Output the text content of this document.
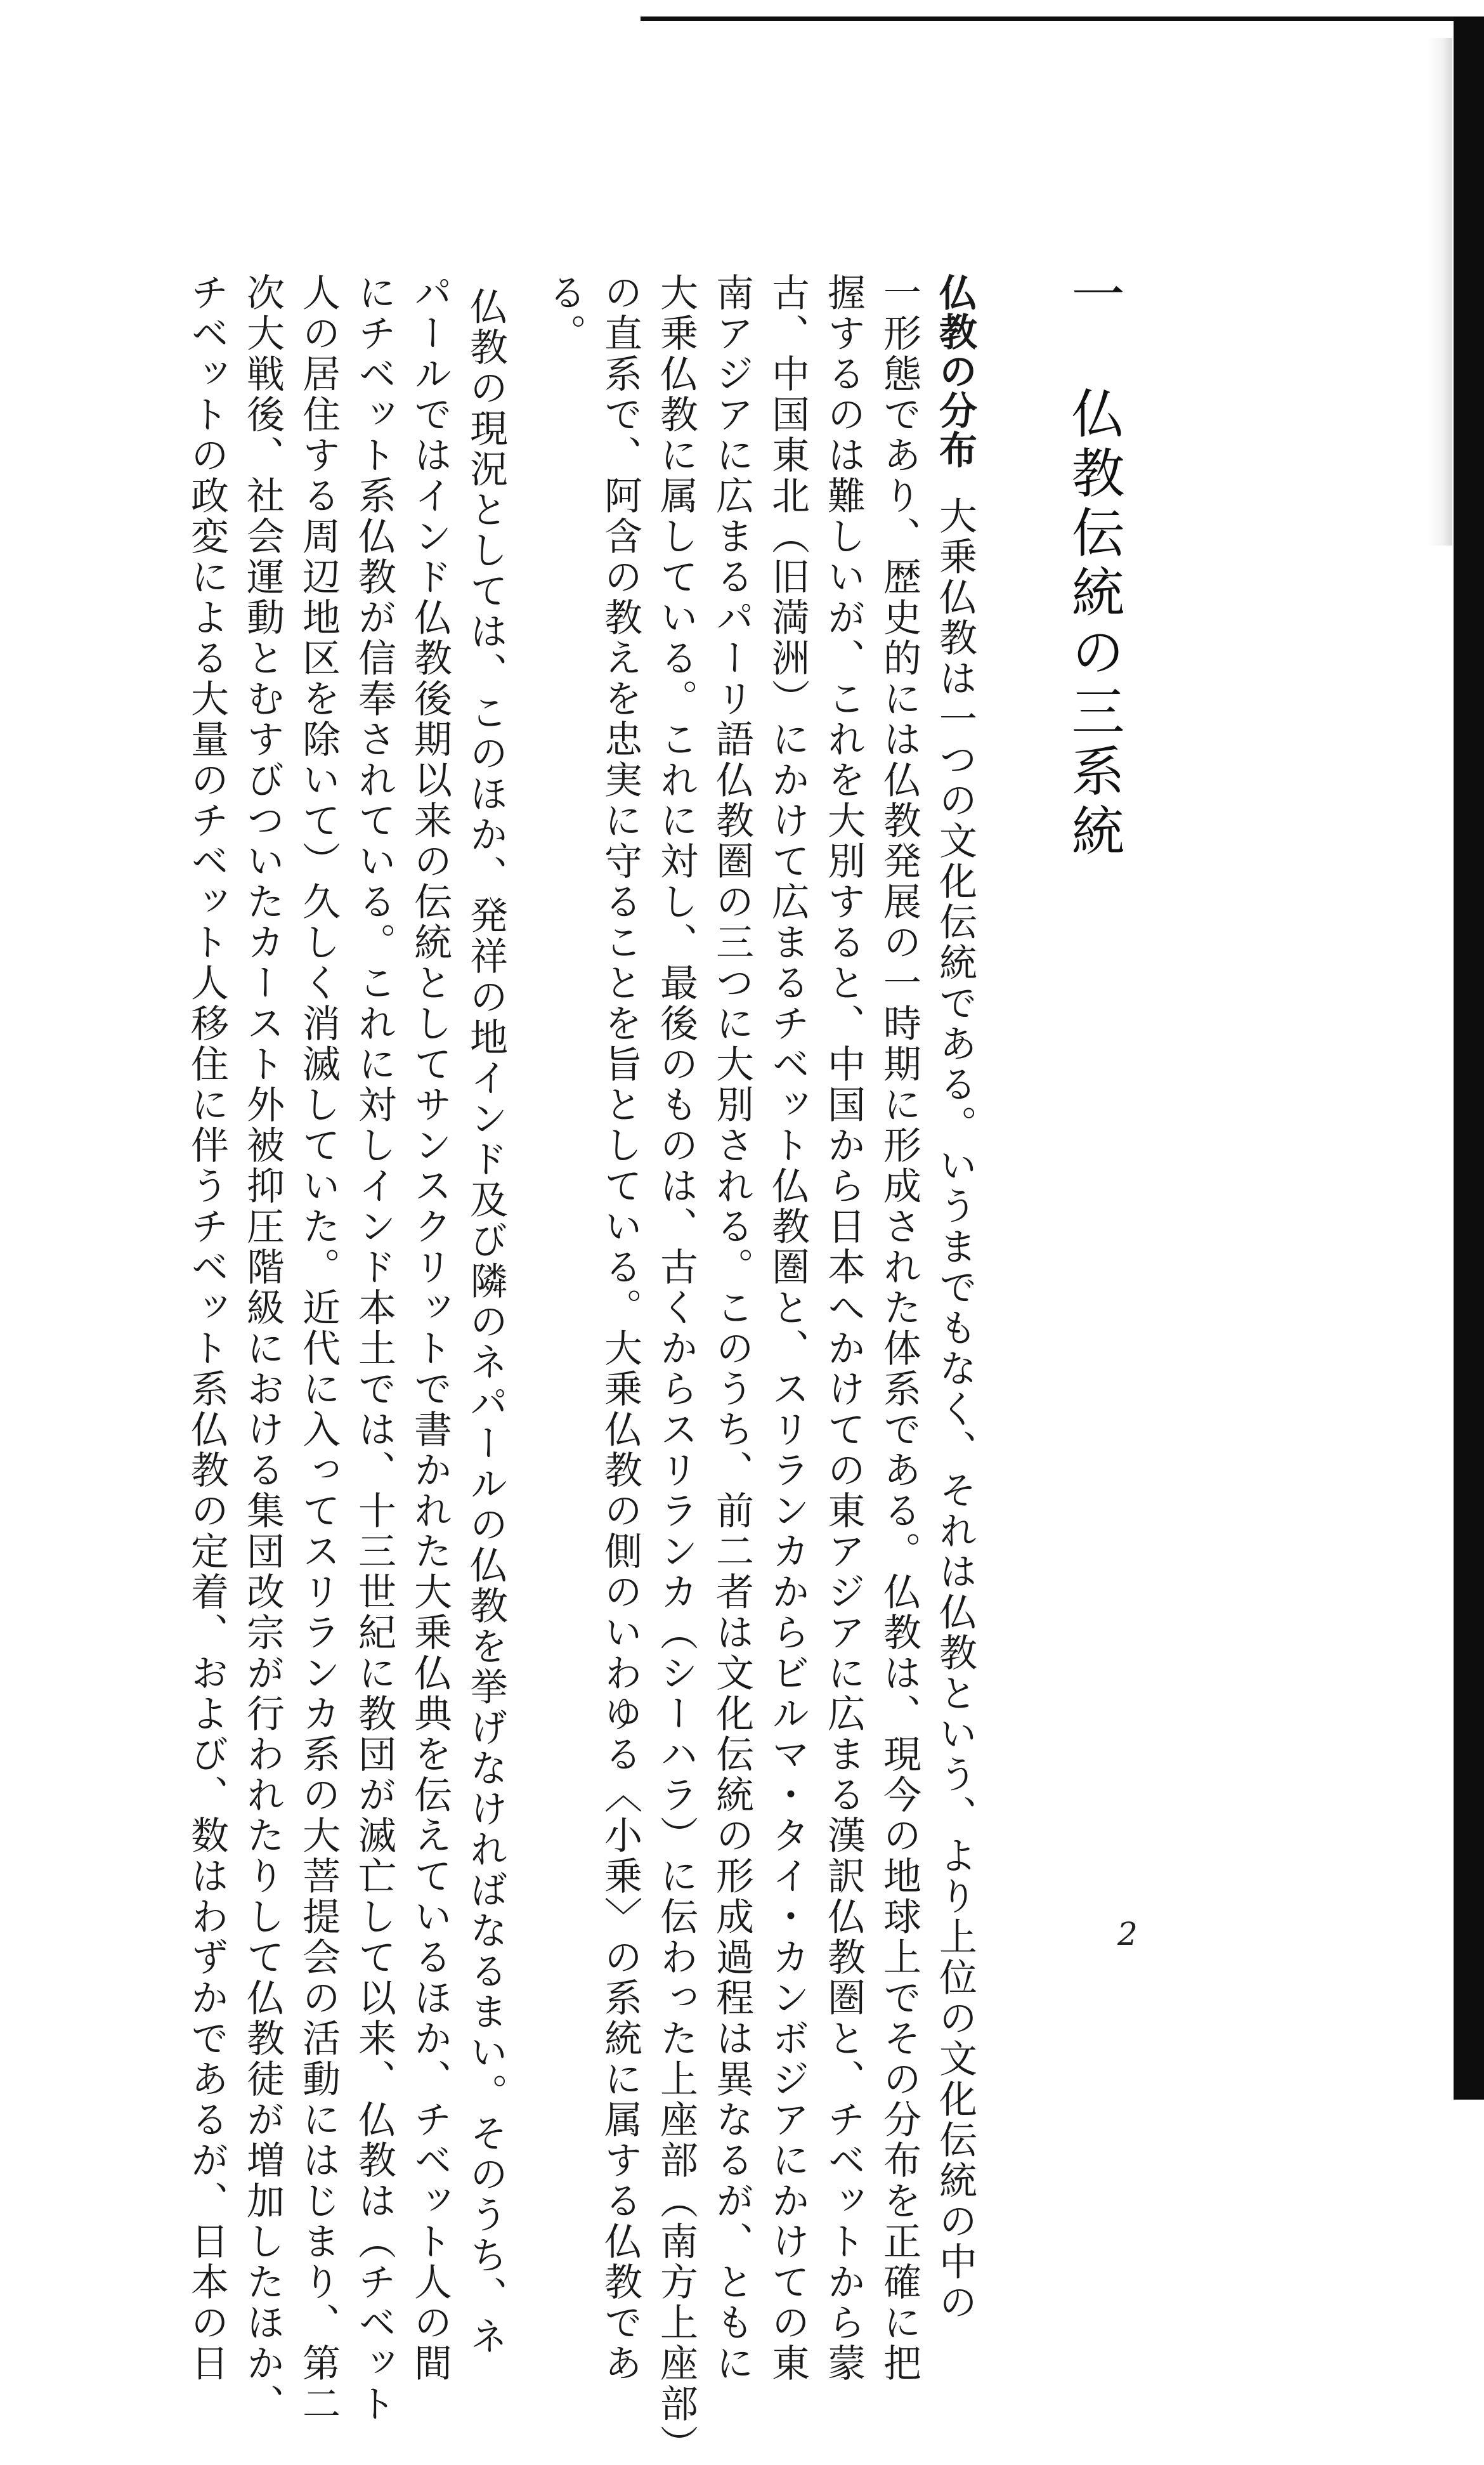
一　仏教伝統の三系統
仏教の分布大乗仏教は一つの文化伝統である。いうまでもなく、それは仏教という、より上位の文化伝統の中の
一形態であり、歴史的には仏教発展の一時期に形成された体系である。仏教は、現今の地球上でその分布を正確に把
握するのは難しいが、これを大別すると、中国から日本へかけての東アジアに広まる漢訳仏教圏と、チベットから蒙
古、中国東北（旧満洲）にかけて広まるチベット仏教圏と、スリランカからビルマ・タイ・カンボジアにかけての東
南アジアに広まるパーリ語仏教圏の三つに大別される。このうち、前二者は文化伝統の形成過程は異なるが、ともに
大乗仏教に属している。これに対し、最後のものは、古くからスリランカ（シーハラ）に伝わった上座部（南方上座部）
の直系で、阿含の教えを忠実に守ることを旨としている。大乗仏教の側のいわゆる〈小乗〉の系統に属する仏教であ
る。
仏教の現況としては、このほか、発祥の地インド及び隣のネパールの仏教を挙げなければなるまい。そのうち、ネ
パールではインド仏教後期以来の伝統としてサンスクリットで書かれた大乗仏典を伝えているほか、チベット人の間
にチベット系仏教が信奉されている。これに対しインド本土では、十三世紀に教団が滅亡して以来、仏教は（チベット
人の居住する周辺地区を除いて）久しく消滅していた。近代に入ってスリランカ系の大菩提会の活動にはじまり、第二
次大戦後、社会運動とむすびついたカースト外被抑圧階級における集団改宗が行われたりして仏教徒が増加したほか、
チベットの政変による大量のチベット人移住に伴うチベット系仏教の定着、および、数はわずかであるが、日本の日	2
